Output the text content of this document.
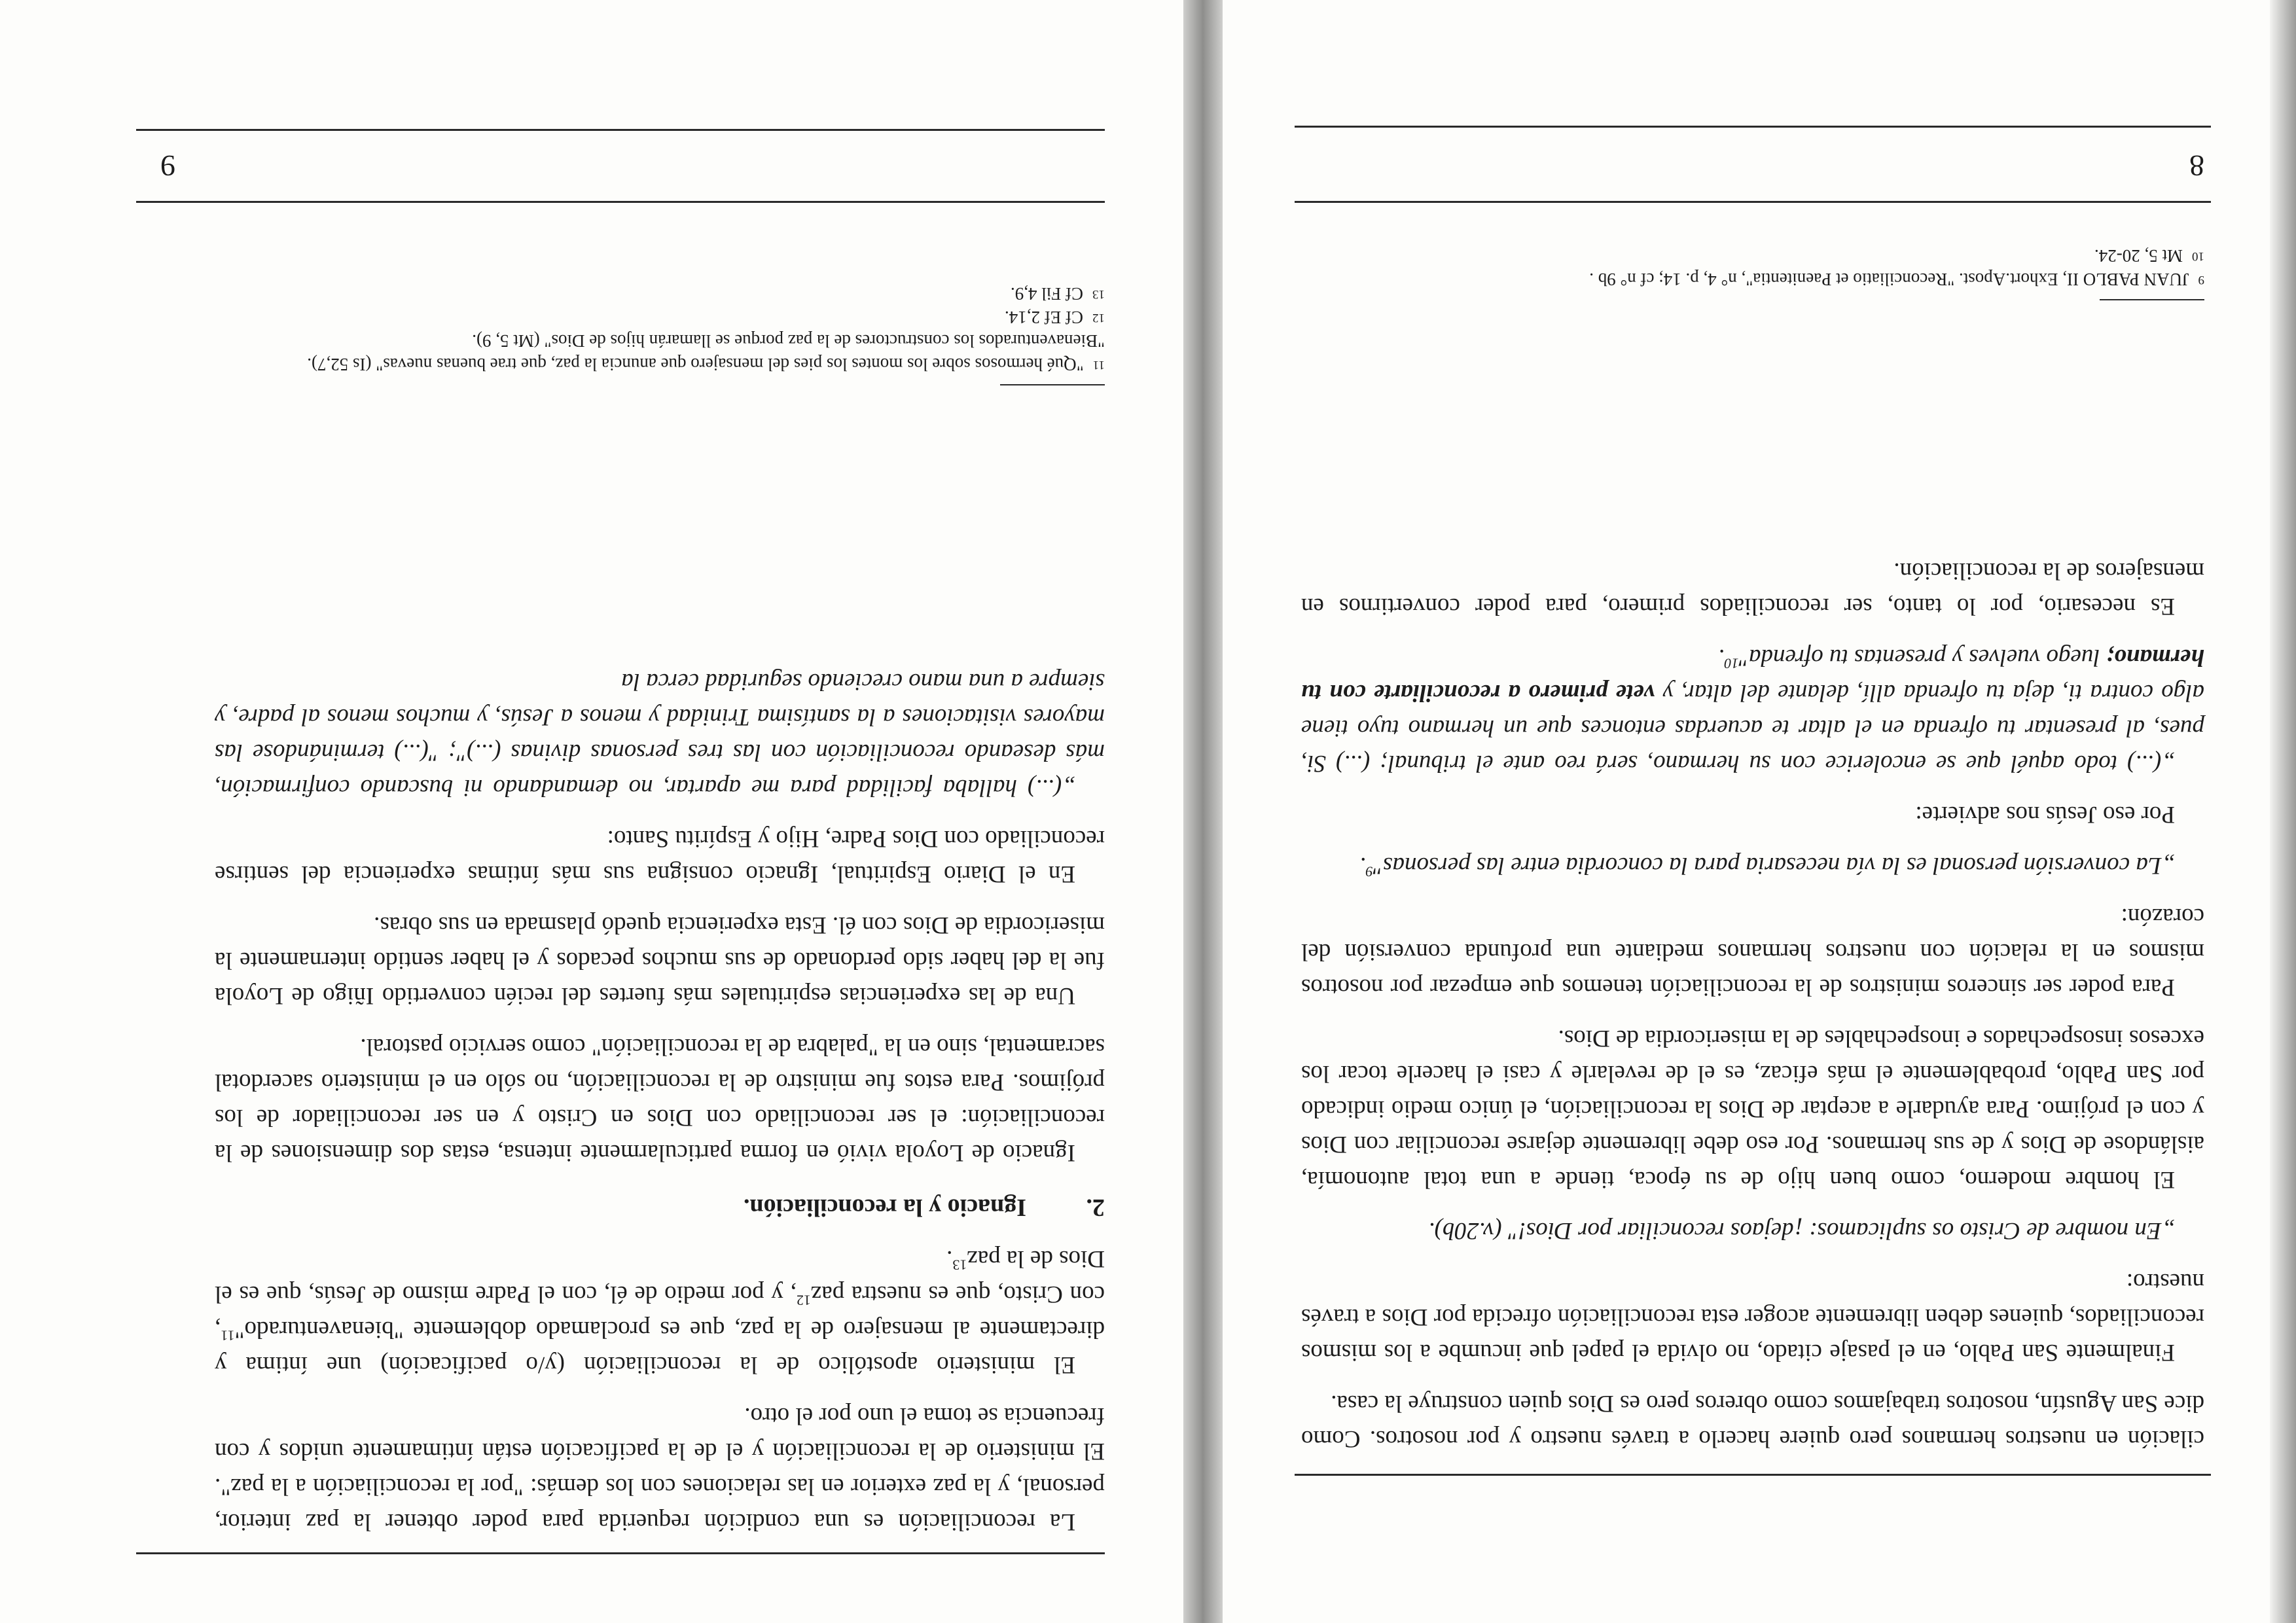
cilación en nuestros hermanos pero quiere hacerlo a través nuestro y por nosotros. Como dice San Agustín, nosotros trabajamos como obreros pero es Dios quien construye la casa.

Finalmente San Pablo, en el pasaje citado, no olvida el papel que incumbe a los mismos reconciliados, quienes deben libremente acoger esta reconciliación ofrecida por Dios a través nuestro:

„En nombre de Cristo os suplicamos: ¡dejaos reconciliar por Dios!" (v.20b).

El hombre moderno, como buen hijo de su época, tiende a una total autonomía, aislándose de Dios y de sus hermanos. Por eso debe libremente dejarse reconciliar con Dios y con el prójimo. Para ayudarle a aceptar de Dios la reconciliación, el único medio indicado por San Pablo, probablemente el más eficaz, es el de revelarle y casi el hacerle tocar los excesos insospechados e inospechables de la misericordia de Dios.

Para poder ser sinceros ministros de la reconciliación tenemos que empezar por nosotros mismos en la relación con nuestros hermanos mediante una profunda conversión del corazón:

„La conversión personal es la vía necesaria para la concordia entre las personas"$^9$.

Por eso Jesús nos advierte:

„(...) todo aquél que se encolerice con su hermano, será reo ante el tribunal; (...) Si, pues, al presentar tu ofrenda en el altar te acuerdas entonces que un hermano tuyo tiene algo contra ti, deja tu ofrenda allí, delante del altar, y vete primero a reconciliarte con tu hermano; luego vuelves y presentas tu ofrenda"$^{10}$.

Es necesario, por lo tanto, ser reconciliados primero, para poder convertirnos en mensajeros de la reconciliación.

$^9$JUAN PABLO II, Exhort.Apost. "Reconciliatio et Paenitentia", n° 4, p. 14; cf n° 9b .

$^{10}$Mt 5, 20-24.

8

La reconciliación es una condición requerida para poder obtener la paz interior, personal, y la paz exterior en las relaciones con los demás: "por la reconciliación a la paz". El ministerio de la reconciliación y el de la pacificación están íntimamente unidos y con frecuencia se toma el uno por el otro.

El ministerio apostólico de la reconciliación (y/o pacificación) une íntima y directamente al mensajero de la paz, que es proclamado doblemente "bienaventurado"$^{11}$, con Cristo, que es nuestra paz$^{12}$, y por medio de él, con el Padre mismo de Jesús, que es el Dios de la paz$^{13}$.

2.Ignacio y la reconciliación.

Ignacio de Loyola vivió en forma particularmente intensa, estas dos dimensiones de la reconciliación: el ser reconciliado con Dios en Cristo y en ser reconciliador de los prójimos. Para estos fue ministro de la reconciliación, no sólo en el ministerio sacerdotal sacramental, sino en la "palabra de la reconciliación" como servicio pastoral.

Una de las experiencias espirituales más fuertes del recién convertido Iñigo de Loyola fue la del haber sido perdonado de sus muchos pecados y el haber sentido internamente la misericordia de Dios con él. Esta experiencia quedó plasmada en sus obras.

En el Diario Espiritual, Ignacio consigna sus más íntimas experiencia del sentirse reconciliado con Dios Padre, Hijo y Espíritu Santo:

„(...) hallaba facilidad para me apartar, no demandando ni buscando confirmación, más deseando reconciliación con las tres personas divinas (...)"; "(...) terminándose las mayores visitaciones a la santísima Trinidad y menos a Jesús, y muchos menos al padre, y siempre a una mano creciendo seguridad cerca la

$^{11}$"Qué hermosos sobre los montes los pies del mensajero que anuncia la paz, que trae buenas nuevas" (Is 52,7). "Bienaventurados los constructores de la paz porque se llamarán hijos de Dios" (Mt 5, 9).

$^{12}$Cf Ef 2,14.

$^{13}$Cf Fil 4,9.

9
